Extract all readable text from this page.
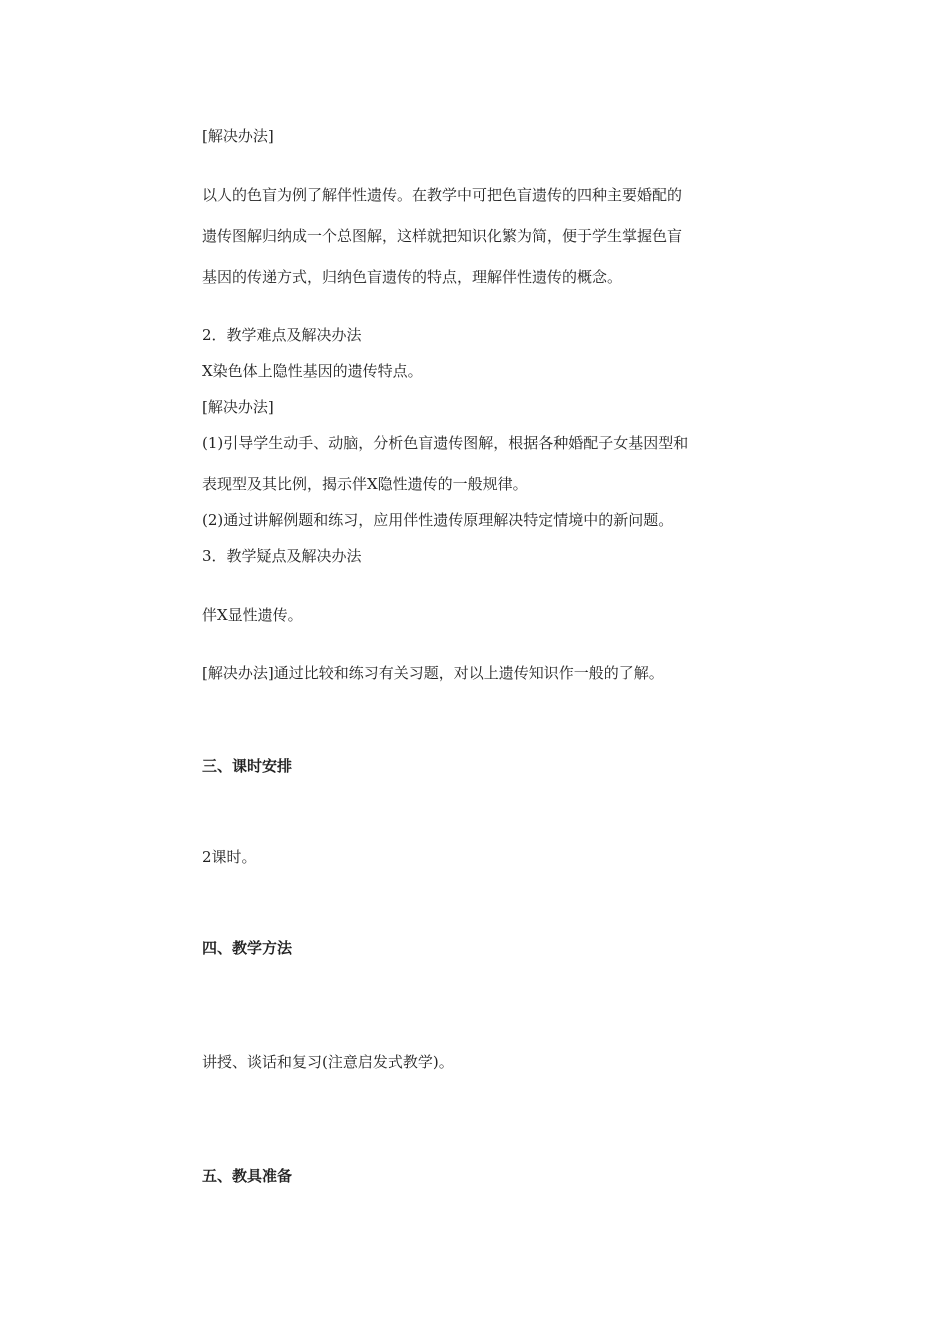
[解决办法]

以人的色盲为例了解伴性遗传。在教学中可把色盲遗传的四种主要婚配的

遗传图解归纳成一个总图解，这样就把知识化繁为简，便于学生掌握色盲

基因的传递方式，归纳色盲遗传的特点，理解伴性遗传的概念。

2．教学难点及解决办法

X染色体上隐性基因的遗传特点。

[解决办法]

(1)引导学生动手、动脑，分析色盲遗传图解，根据各种婚配子女基因型和

表现型及其比例，揭示伴X隐性遗传的一般规律。

(2)通过讲解例题和练习，应用伴性遗传原理解决特定情境中的新问题。

3．教学疑点及解决办法

伴X显性遗传。

[解决办法]通过比较和练习有关习题，对以上遗传知识作一般的了解。

三、课时安排

2课时。

四、教学方法

讲授、谈话和复习(注意启发式教学)。

五、教具准备
